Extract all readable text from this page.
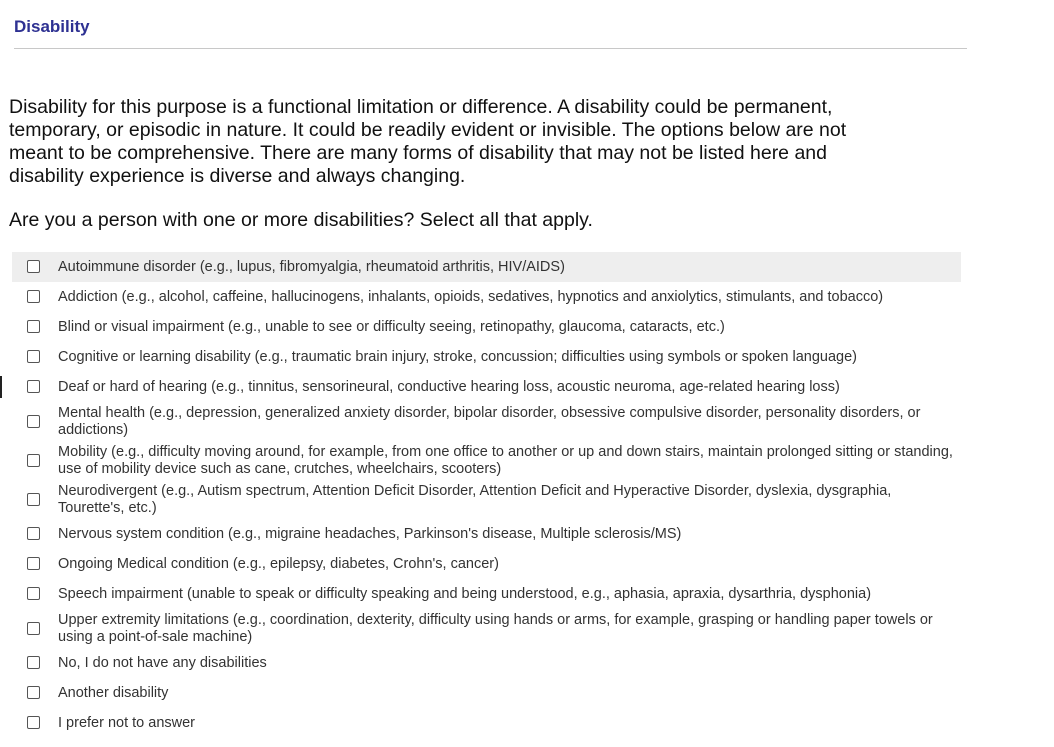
Disability

Disability for this purpose is a functional limitation or difference. A disability could be permanent, temporary, or episodic in nature. It could be readily evident or invisible. The options below are not meant to be comprehensive. There are many forms of disability that may not be listed here and disability experience is diverse and always changing.

Are you a person with one or more disabilities? Select all that apply.

Autoimmune disorder (e.g., lupus, fibromyalgia, rheumatoid arthritis, HIV/AIDS)
Addiction (e.g., alcohol, caffeine, hallucinogens, inhalants, opioids, sedatives, hypnotics and anxiolytics, stimulants, and tobacco)
Blind or visual impairment (e.g., unable to see or difficulty seeing, retinopathy, glaucoma, cataracts, etc.)
Cognitive or learning disability (e.g., traumatic brain injury, stroke, concussion; difficulties using symbols or spoken language)
Deaf or hard of hearing (e.g., tinnitus, sensorineural, conductive hearing loss, acoustic neuroma, age-related hearing loss)
Mental health (e.g., depression, generalized anxiety disorder, bipolar disorder, obsessive compulsive disorder, personality disorders, or addictions)
Mobility (e.g., difficulty moving around, for example, from one office to another or up and down stairs, maintain prolonged sitting or standing, use of mobility device such as cane, crutches, wheelchairs, scooters)
Neurodivergent (e.g., Autism spectrum, Attention Deficit Disorder, Attention Deficit and Hyperactive Disorder, dyslexia, dysgraphia, Tourette's, etc.)
Nervous system condition (e.g., migraine headaches, Parkinson's disease, Multiple sclerosis/MS)
Ongoing Medical condition (e.g., epilepsy, diabetes, Crohn's, cancer)
Speech impairment (unable to speak or difficulty speaking and being understood, e.g., aphasia, apraxia, dysarthria, dysphonia)
Upper extremity limitations (e.g., coordination, dexterity, difficulty using hands or arms, for example, grasping or handling paper towels or using a point-of-sale machine)
No, I do not have any disabilities
Another disability
I prefer not to answer
